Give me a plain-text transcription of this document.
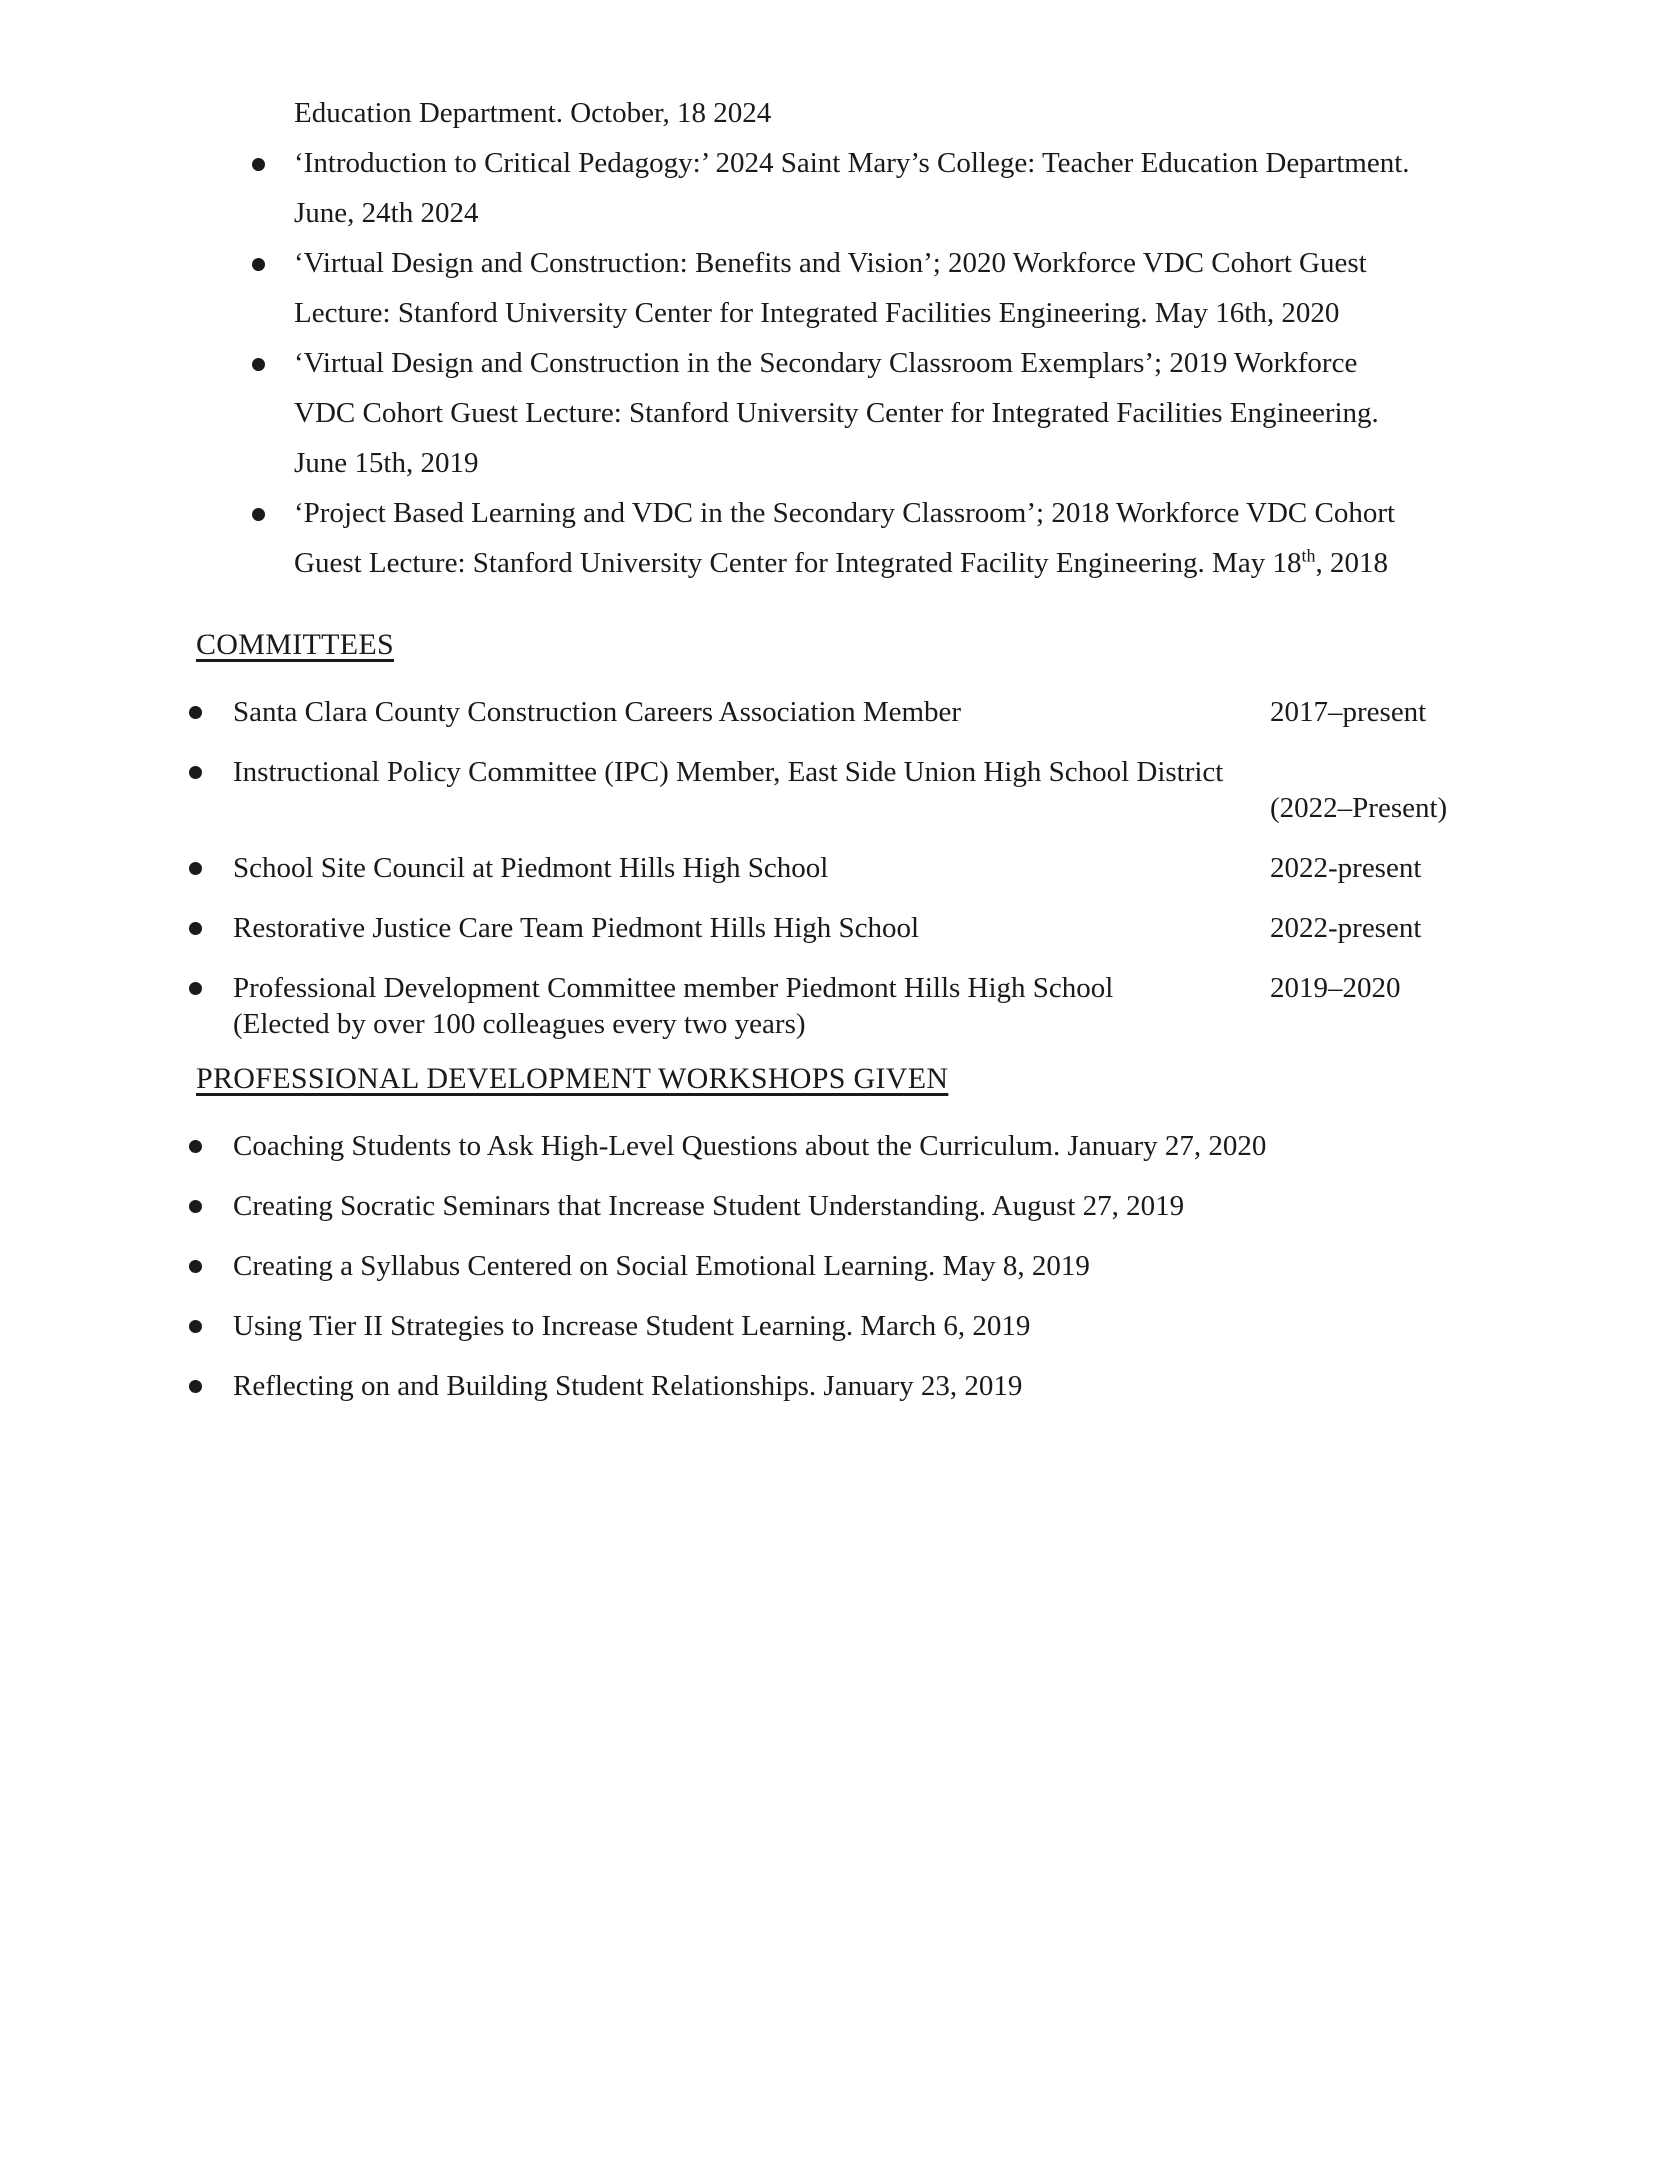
Education Department. October, 18 2024
‘Introduction to Critical Pedagogy:’ 2024 Saint Mary’s College: Teacher Education Department.
June, 24th 2024
‘Virtual Design and Construction: Benefits and Vision’; 2020 Workforce VDC Cohort Guest
Lecture: Stanford University Center for Integrated Facilities Engineering. May 16th, 2020
‘Virtual Design and Construction in the Secondary Classroom Exemplars’; 2019 Workforce
VDC Cohort Guest Lecture: Stanford University Center for Integrated Facilities Engineering.
June 15th, 2019
‘Project Based Learning and VDC in the Secondary Classroom’; 2018 Workforce VDC Cohort
Guest Lecture: Stanford University Center for Integrated Facility Engineering. May 18th, 2018
COMMITTEES
Santa Clara County Construction Careers Association Member	2017–present
Instructional Policy Committee (IPC) Member, East Side Union High School District
(2022–Present)
School Site Council at Piedmont Hills High School	2022-present
Restorative Justice Care Team Piedmont Hills High School	2022-present
Professional Development Committee member Piedmont Hills High School
(Elected by over 100 colleagues every two years)
2019–2020
PROFESSIONAL DEVELOPMENT WORKSHOPS GIVEN
Coaching Students to Ask High-Level Questions about the Curriculum. January 27, 2020
Creating Socratic Seminars that Increase Student Understanding. August 27, 2019
Creating a Syllabus Centered on Social Emotional Learning. May 8, 2019
Using Tier II Strategies to Increase Student Learning. March 6, 2019
Reflecting on and Building Student Relationships. January 23, 2019
